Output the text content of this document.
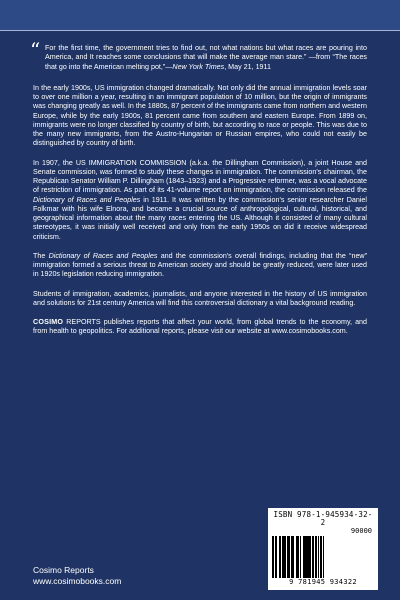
“ For the first time, the government tries to find out, not what nations but what races are pouring into America, and It reaches some conclusions that will make the average man stare.” —from “The races that go into the American melting pot,”—New York Times, May 21, 1911

In the early 1900s, US immigration changed dramatically. Not only did the annual immigration levels soar to over one million a year, resulting in an immigrant population of 10 million, but the origin of immigrants was changing greatly as well. In the 1880s, 87 percent of the immigrants came from northern and western Europe, while by the early 1900s, 81 percent came from southern and eastern Europe. From 1899 on, immigrants were no longer classified by country of birth, but according to race or people. This was due to the many new immigrants, from the Austro-Hungarian or Russian empires, who could not easily be distinguished by country of birth.

In 1907, the US IMMIGRATION COMMISSION (a.k.a. the Dillingham Commission), a joint House and Senate commission, was formed to study these changes in immigration. The commission's chairman, the Republican Senator William P. Dillingham (1843–1923) and a Progressive reformer, was a vocal advocate of restriction of immigration. As part of its 41-volume report on immigration, the commission released the Dictionary of Races and Peoples in 1911. It was written by the commission's senior researcher Daniel Folkmar with his wife Elnora, and became a crucial source of anthropological, cultural, historical, and geographical information about the many races entering the US. Although it consisted of many cultural stereotypes, it was initially well received and only from the early 1950s on did it receive widespread criticism.

The Dictionary of Races and Peoples and the commission's overall findings, including that the “new” immigration formed a serious threat to American society and should be greatly reduced, were later used in 1920s legislation reducing immigration.

Students of immigration, academics, journalists, and anyone interested in the history of US immigration and solutions for 21st century America will find this controversial dictionary a vital background reading.

COSIMO REPORTS publishes reports that affect your world, from global trends to the economy, and from health to geopolitics. For additional reports, please visit our website at www.cosimobooks.com.

ISBN 978-1-945934-32-2
90000
9 781945 934322
Cosimo Reports
www.cosimobooks.com
